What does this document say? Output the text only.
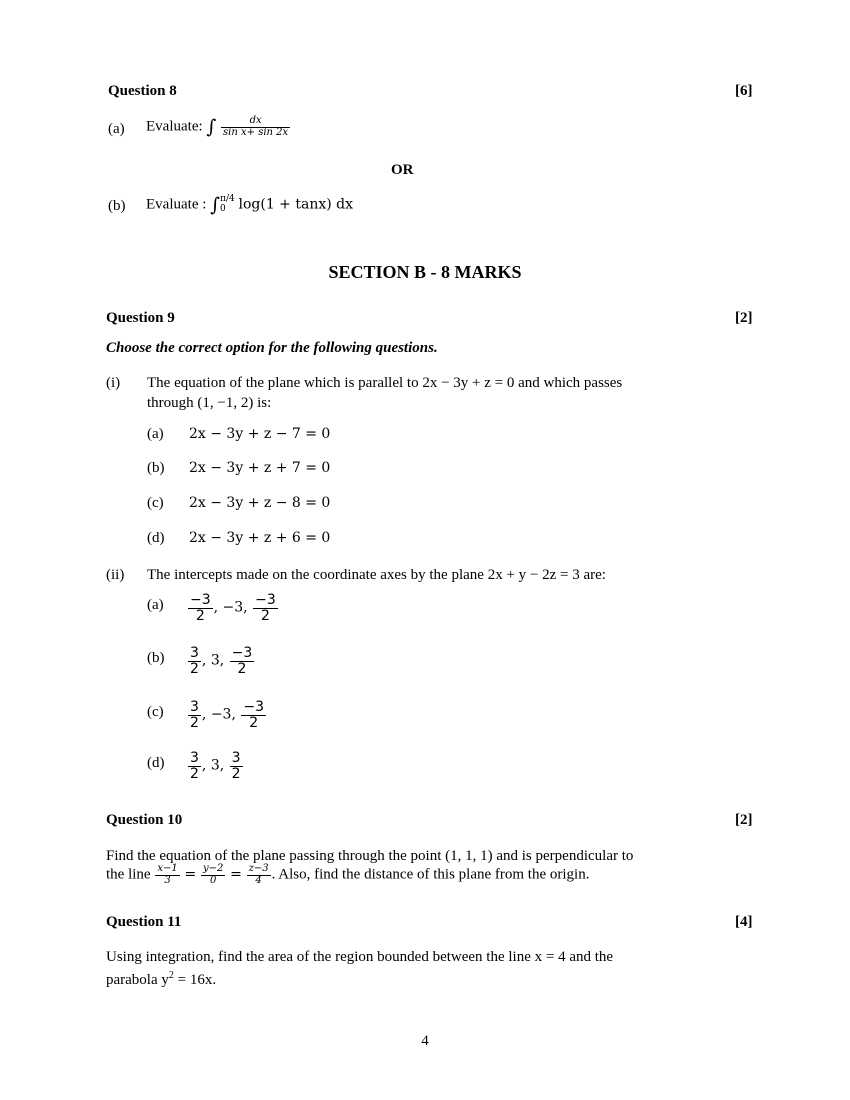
Question 8	[6]
(a) Evaluate: ∫ $\frac{dx}{\text{sin x+ sin 2x}}$
OR
(b) Evaluate : ∫ π/4
0 log(1 + tanx) dx
SECTION B - 8 MARKS
Question 9	[2]
Choose the correct option for the following questions.
(i) The equation of the plane which is parallel to 2x − 3y + z = 0 and which passes
through (1, −1, 2) is:
(a) 2x − 3y + z − 7 = 0
(b) 2x − 3y + z + 7 = 0
(c) 2x − 3y + z − 8 = 0
(d) 2x − 3y + z + 6 = 0
(ii) The intercepts made on the coordinate axes by the plane 2x + y − 2z = 3 are:
$(a) \frac{-3}{2}$ , −3, $\frac{-3}{2}$
$(b) \frac{3}{2}$ , 3, $\frac{-3}{2}$
$(c) \frac{3}{2}$ , −3, $\frac{-3}{2}$
$(d) \frac{3}{2}$ , 3, $\frac{3}{2}$
Question 10	[2]
Find the equation of the plane passing through the point (1, 1, 1) and is perpendicular to
the line $\frac{x-1}{3} = \frac{y-2}{0} = \frac{z-3}{4}$ . Also, find the distance of this plane from the origin.
Question 11	[4]
Using integration, find the area of the region bounded between the line x = 4 and the
parabola $y^2 = 16x$.
4
